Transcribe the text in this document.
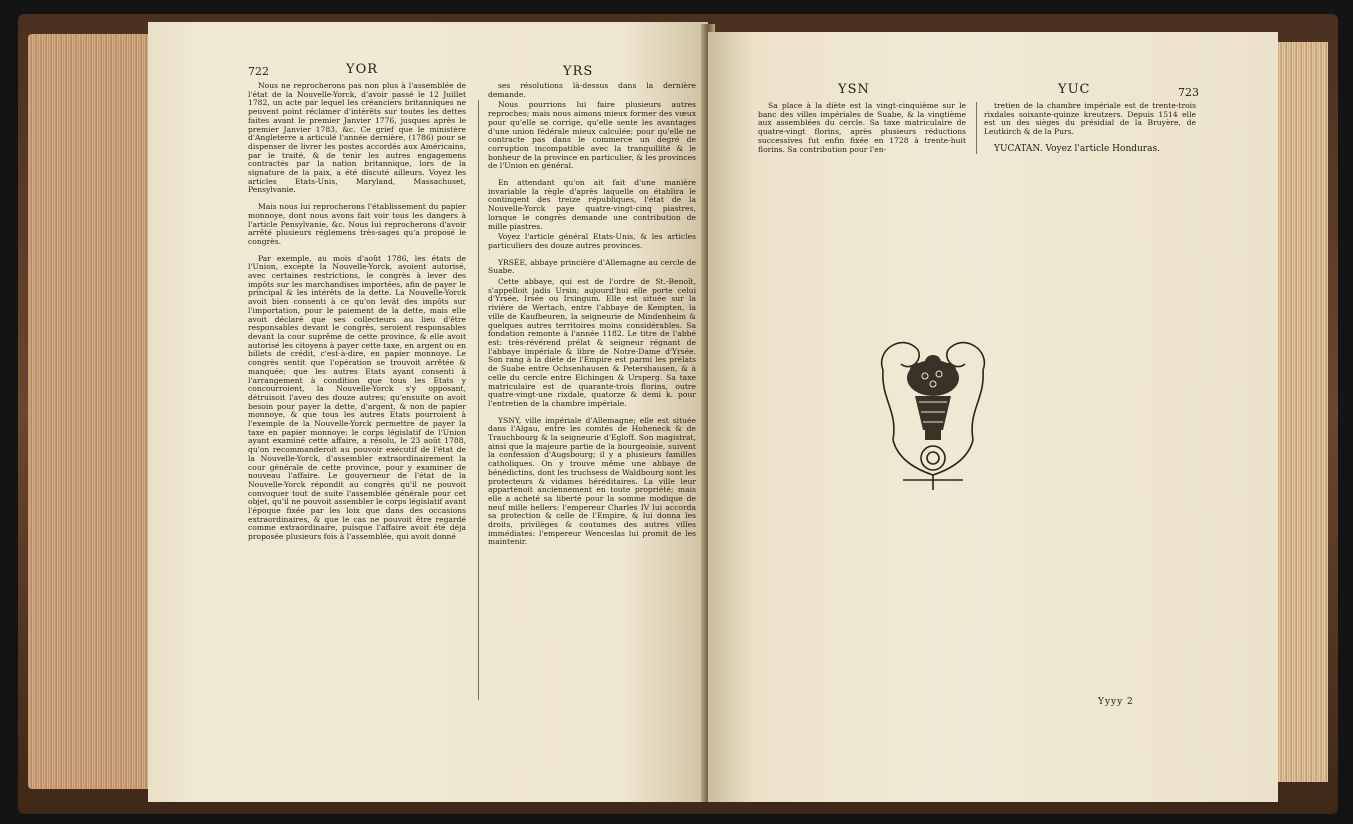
722	YOR	YRS

Nous ne reprocherons pas non plus à l'assemblée de l'état de la Nouvelle-Yorck, d'avoir passé le 12 Juillet 1782, un acte par lequel les créanciers britanniques ne peuvent point réclamer d'intérêts sur toutes les dettes faites avant le premier Janvier 1776, jusques après le premier Janvier 1783, &c. Ce grief que le ministère d'Angleterre a articulé l'année dernière, (1786) pour se dispenser de livrer les postes accordés aux Américains, par le traité, & de tenir les autres engagemens contractés par la nation britannique, lors de la signature de la paix, a été discuté ailleurs. Voyez les articles Etats-Unis, Maryland, Massachuset, Pensylvanie.

Mais nous lui reprocherons l'établissement du papier monnoye, dont nous avons fait voir tous les dangers à l'article Pensylvanie, &c. Nous lui reprocherons d'avoir arrêté plusieurs réglemens très-sages qu'a proposé le congrès.

Par exemple, au mois d'août 1786, les états de l'Union, excepté la Nouvelle-Yorck, avoient autorisé, avec certaines restrictions, le congrès à lever des impôts sur les marchandises importées, afin de payer le principal & les intérêts de la dette. La Nouvelle-Yorck avoit bien consenti à ce qu'on levât des impôts sur l'importation, pour le paiement de la dette, mais elle avoit déclaré que ses collecteurs au lieu d'être responsables devant le congrès, seroient responsables devant la cour suprême de cette province, & elle avoit autorisé les citoyens à payer cette taxe, en argent ou en billets de crédit, c'est-à-dire, en papier monnoye. Le congrès sentit que l'opération se trouvoit arrêtée & manquée; que les autres Etats ayant consenti à l'arrangement à condition que tous les Etats y concourroient, la Nouvelle-Yorck s'y opposant, détruisoit l'aveu des douze autres; qu'ensuite on avoit besoin pour payer la dette, d'argent, & non de papier monnoye, & que tous les autres Etats pourroient à l'exemple de la Nouvelle-Yorck permettre de payer la taxe en papier monnoye: le corps législatif de l'Union ayant examiné cette affaire, a résolu, le 23 août 1788, qu'on recommanderoit au pouvoir exécutif de l'état de la Nouvelle-Yorck, d'assembler extraordinairement la cour générale de cette province, pour y examiner de nouveau l'affaire. Le gouverneur de l'état de la Nouvelle-Yorck répondit au congrès qu'il ne pouvoit convoquer tout de suite l'assemblée générale pour cet objet, qu'il ne pouvoit assembler le corps législatif avant l'époque fixée par les loix que dans des occasions extraordinaires, & que le cas ne pouvoit être regardé comme extraordinaire, puisque l'affaire avoit été déja proposée plusieurs fois à l'assemblée, qui avoit donné

ses résolutions là-dessus dans la dernière demande.

Nous pourrions lui faire plusieurs autres reproches; mais nous aimons mieux former des vœux pour qu'elle se corrige, qu'elle sente les avantages d'une union fédérale mieux calculée; pour qu'elle ne contracte pas dans le commerce un degré de corruption incompatible avec la tranquillité & le bonheur de la province en particulier, & les provinces de l'Union en général.

En attendant qu'on ait fait d'une manière invariable la règle d'après laquelle on établira le contingent des treize républiques, l'état de la Nouvelle-Yorck paye quatre-vingt-cinq piastres, lorsque le congrès demande une contribution de mille piastres.

Voyez l'article général Etats-Unis, & les articles particuliers des douze autres provinces.

YRSÉE, abbaye princière d'Allemagne au cercle de Suabe.

Cette abbaye, qui est de l'ordre de St.-Benoît, s'appelloit jadis Ursin; aujourd'hui elle porte celui d'Yrsée, Irsée ou Irsingum. Elle est située sur la rivière de Wertach, entre l'abbaye de Kempten, la ville de Kaufbeuren, la seigneurie de Mindenheim & quelques autres territoires moins considérables. Sa fondation remonte à l'année 1182. Le titre de l'abbé est: très-révérend prélat & seigneur régnant de l'abbaye impériale & libre de Notre-Dame d'Yrsée. Son rang à la diète de l'Empire est parmi les prélats de Suabe entre Ochsenhausen & Petershausen, & à celle du cercle entre Elchingen & Ursperg. Sa taxe matriculaire est de quarante-trois florins, outre quatre-vingt-une rixdale, quatorze & demi k. pour l'entretien de la chambre impériale.

YSNY, ville impériale d'Allemagne; elle est située dans l'Algau, entre les comtés de Hoheneck & de Trauchbourg & la seigneurie d'Egloff. Son magistrat, ainsi que la majeure partie de la bourgeoisie, suivent la confession d'Augsbourg; il y a plusieurs familles catholiques. On y trouve même une abbaye de bénédictins, dont les truchsess de Waldbourg sont les protecteurs & vidames héréditaires. La ville leur appartenoit anciennement en toute propriété; mais elle a acheté sa liberté pour la somme modique de neuf mille hellers: l'empereur Charles IV lui accorda sa protection & celle de l'Empire, & lui donna les droits, privilèges & coutumes des autres villes immédiates: l'empereur Wenceslas lui promit de les maintenir.

YSN	YUC	723

Sa place à la diète est la vingt-cinquième sur le banc des villes impériales de Suabe, & la vingtième aux assemblées du cercle. Sa taxe matriculaire de quatre-vingt florins, après plusieurs réductions successives fut enfin fixée en 1728 à trente-huit florins. Sa contribution pour l'en-

tretien de la chambre impériale est de trente-trois rixdales soixante-quinze kreutzers. Depuis 1514 elle est un des sièges du présidial de la Bruyère, de Leutkirch & de la Purs.

YUCATAN. Voyez l'article Honduras.

Yyyy 2
